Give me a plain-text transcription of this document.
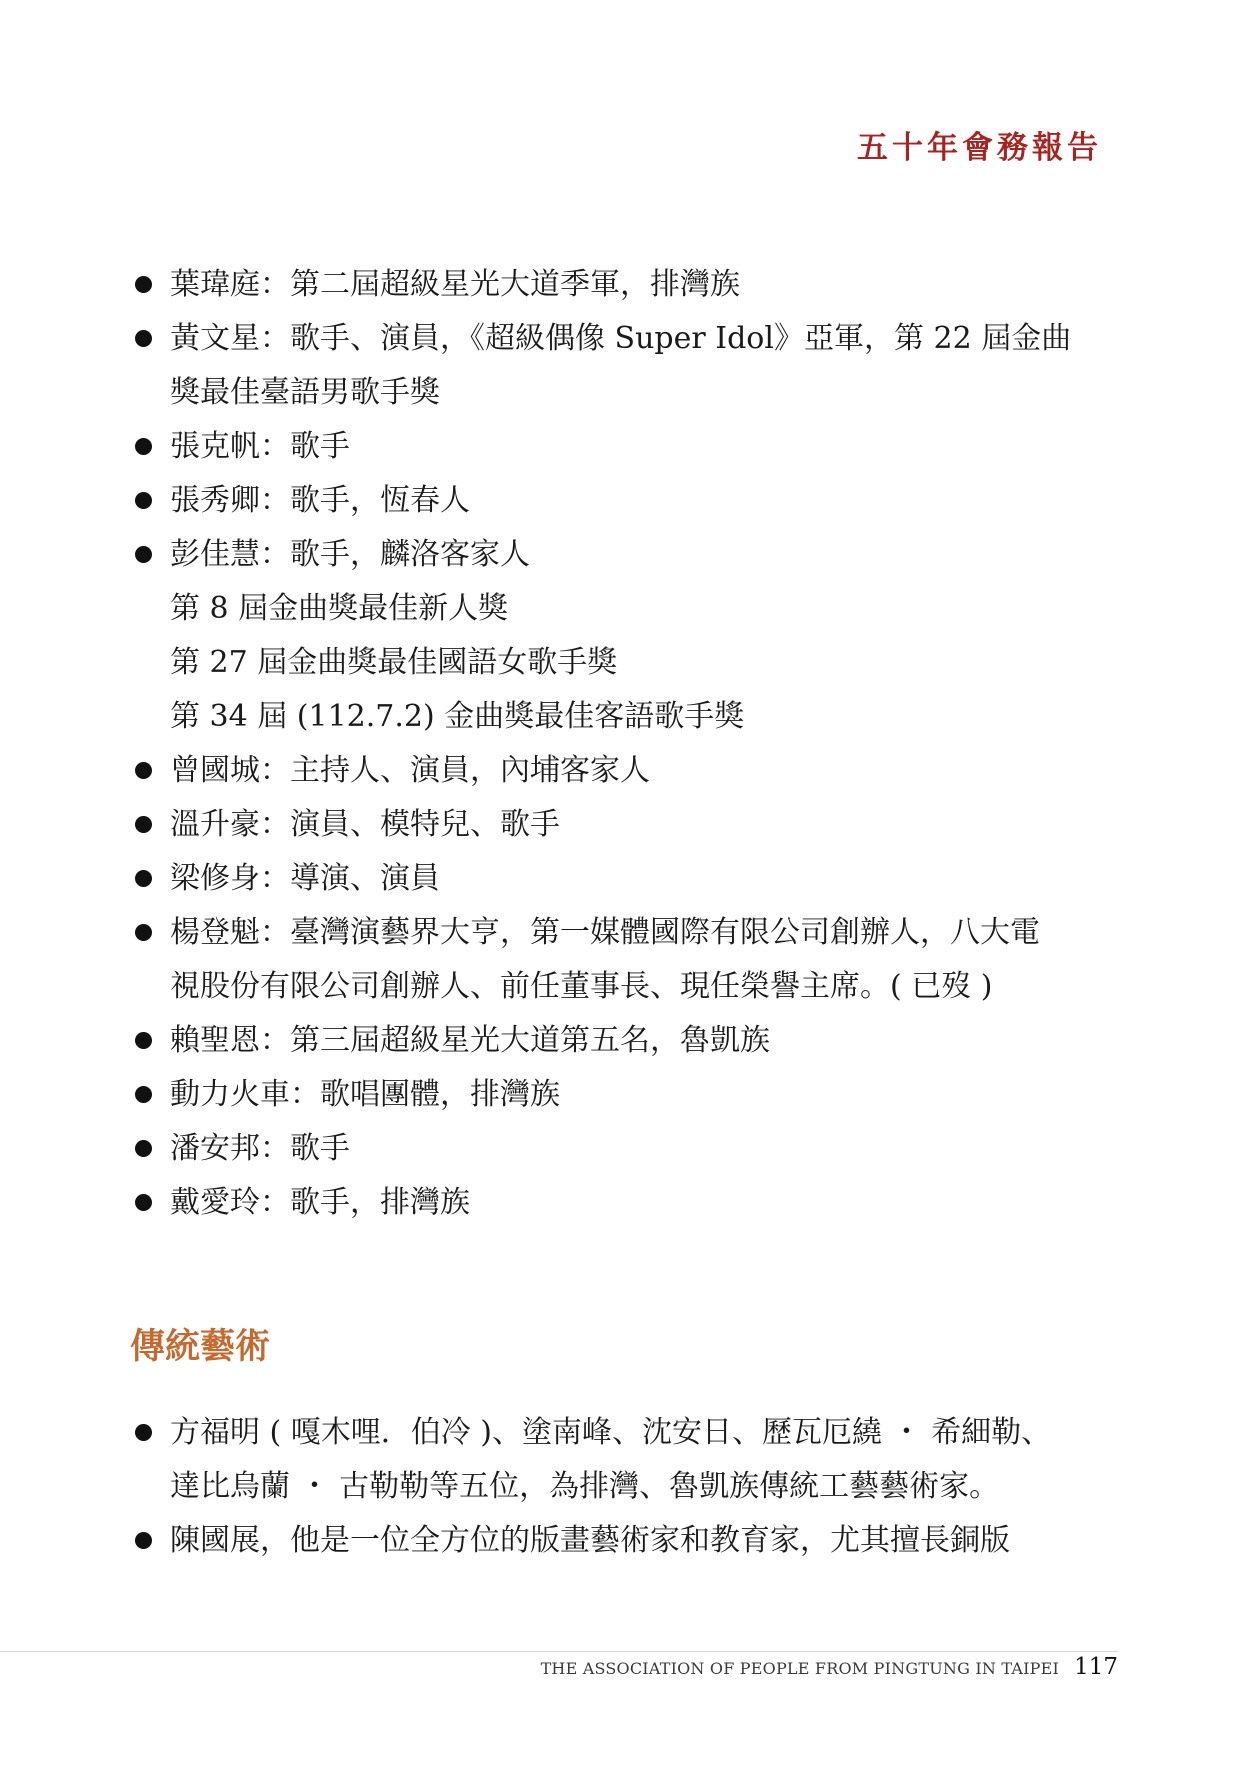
五十年會務報告
葉瑋庭：第二屆超級星光大道季軍，排灣族
黃文星：歌手、演員，《超級偶像 Super Idol》亞軍，第 22 屆金曲
獎最佳臺語男歌手獎
張克帆：歌手
張秀卿：歌手，恆春人
彭佳慧：歌手，麟洛客家人
第 8 屆金曲獎最佳新人獎
第 27 屆金曲獎最佳國語女歌手獎
第 34 屆 (112.7.2) 金曲獎最佳客語歌手獎
曾國城：主持人、演員，內埔客家人
溫升豪：演員、模特兒、歌手
梁修身：導演、演員
楊登魁：臺灣演藝界大亨，第一媒體國際有限公司創辦人，八大電
視股份有限公司創辦人、前任董事長、現任榮譽主席。( 已歿 )
賴聖恩：第三屆超級星光大道第五名，魯凱族
動力火車：歌唱團體，排灣族
潘安邦：歌手
戴愛玲：歌手，排灣族
傳統藝術
方福明 ( 嘎木哩．伯冷 )、塗南峰、沈安日、歷瓦厄繞 ・ 希細勒、
達比烏蘭 ・ 古勒勒等五位，為排灣、魯凱族傳統工藝藝術家。
陳國展，他是一位全方位的版畫藝術家和教育家，尤其擅長銅版
THE ASSOCIATION OF PEOPLE FROM PINGTUNG IN TAIPEI 117
